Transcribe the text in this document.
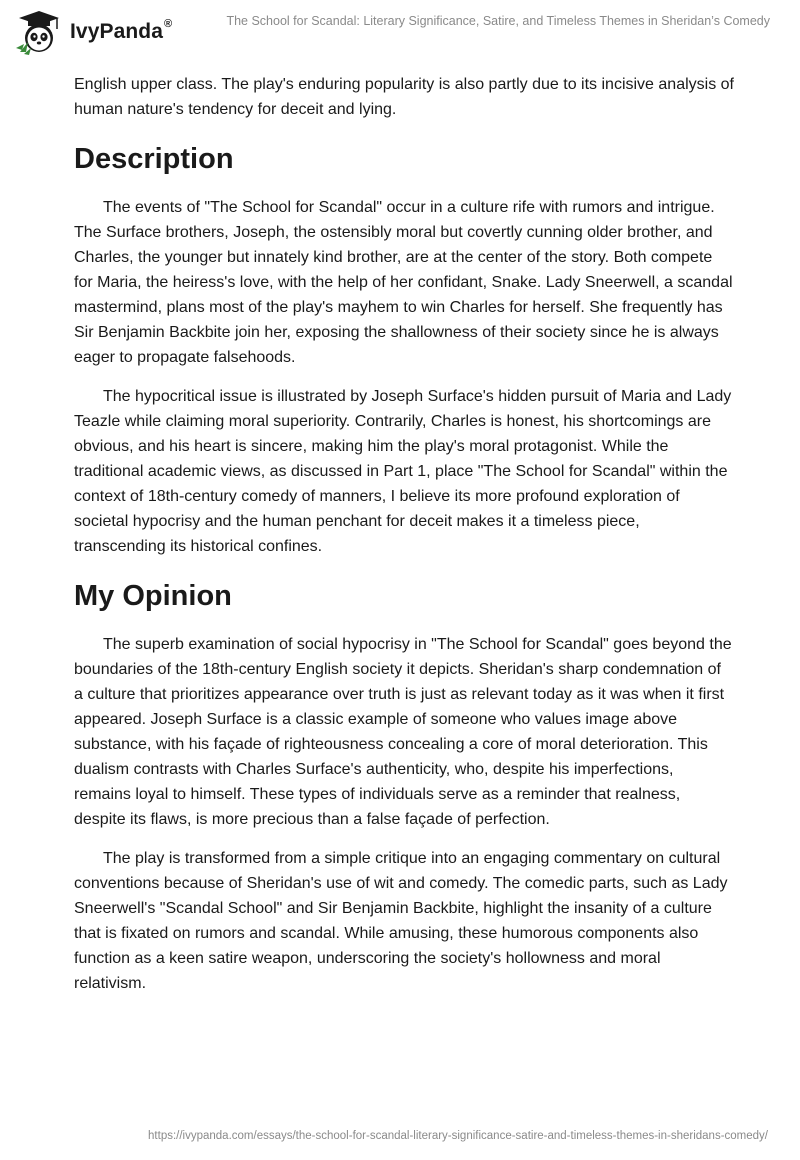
IvyPanda®	The School for Scandal: Literary Significance, Satire, and Timeless Themes in Sheridan’s Comedy

English upper class. The play's enduring popularity is also partly due to its incisive analysis of human nature's tendency for deceit and lying.

Description

The events of "The School for Scandal" occur in a culture rife with rumors and intrigue. The Surface brothers, Joseph, the ostensibly moral but covertly cunning older brother, and Charles, the younger but innately kind brother, are at the center of the story. Both compete for Maria, the heiress's love, with the help of her confidant, Snake. Lady Sneerwell, a scandal mastermind, plans most of the play's mayhem to win Charles for herself. She frequently has Sir Benjamin Backbite join her, exposing the shallowness of their society since he is always eager to propagate falsehoods.

The hypocritical issue is illustrated by Joseph Surface's hidden pursuit of Maria and Lady Teazle while claiming moral superiority. Contrarily, Charles is honest, his shortcomings are obvious, and his heart is sincere, making him the play's moral protagonist. While the traditional academic views, as discussed in Part 1, place "The School for Scandal" within the context of 18th-century comedy of manners, I believe its more profound exploration of societal hypocrisy and the human penchant for deceit makes it a timeless piece, transcending its historical confines.

My Opinion

The superb examination of social hypocrisy in "The School for Scandal" goes beyond the boundaries of the 18th-century English society it depicts. Sheridan's sharp condemnation of a culture that prioritizes appearance over truth is just as relevant today as it was when it first appeared. Joseph Surface is a classic example of someone who values image above substance, with his façade of righteousness concealing a core of moral deterioration. This dualism contrasts with Charles Surface's authenticity, who, despite his imperfections, remains loyal to himself. These types of individuals serve as a reminder that realness, despite its flaws, is more precious than a false façade of perfection.

The play is transformed from a simple critique into an engaging commentary on cultural conventions because of Sheridan's use of wit and comedy. The comedic parts, such as Lady Sneerwell's "Scandal School" and Sir Benjamin Backbite, highlight the insanity of a culture that is fixated on rumors and scandal. While amusing, these humorous components also function as a keen satire weapon, underscoring the society's hollowness and moral relativism.

https://ivypanda.com/essays/the-school-for-scandal-literary-significance-satire-and-timeless-themes-in-sheridans-comedy/
